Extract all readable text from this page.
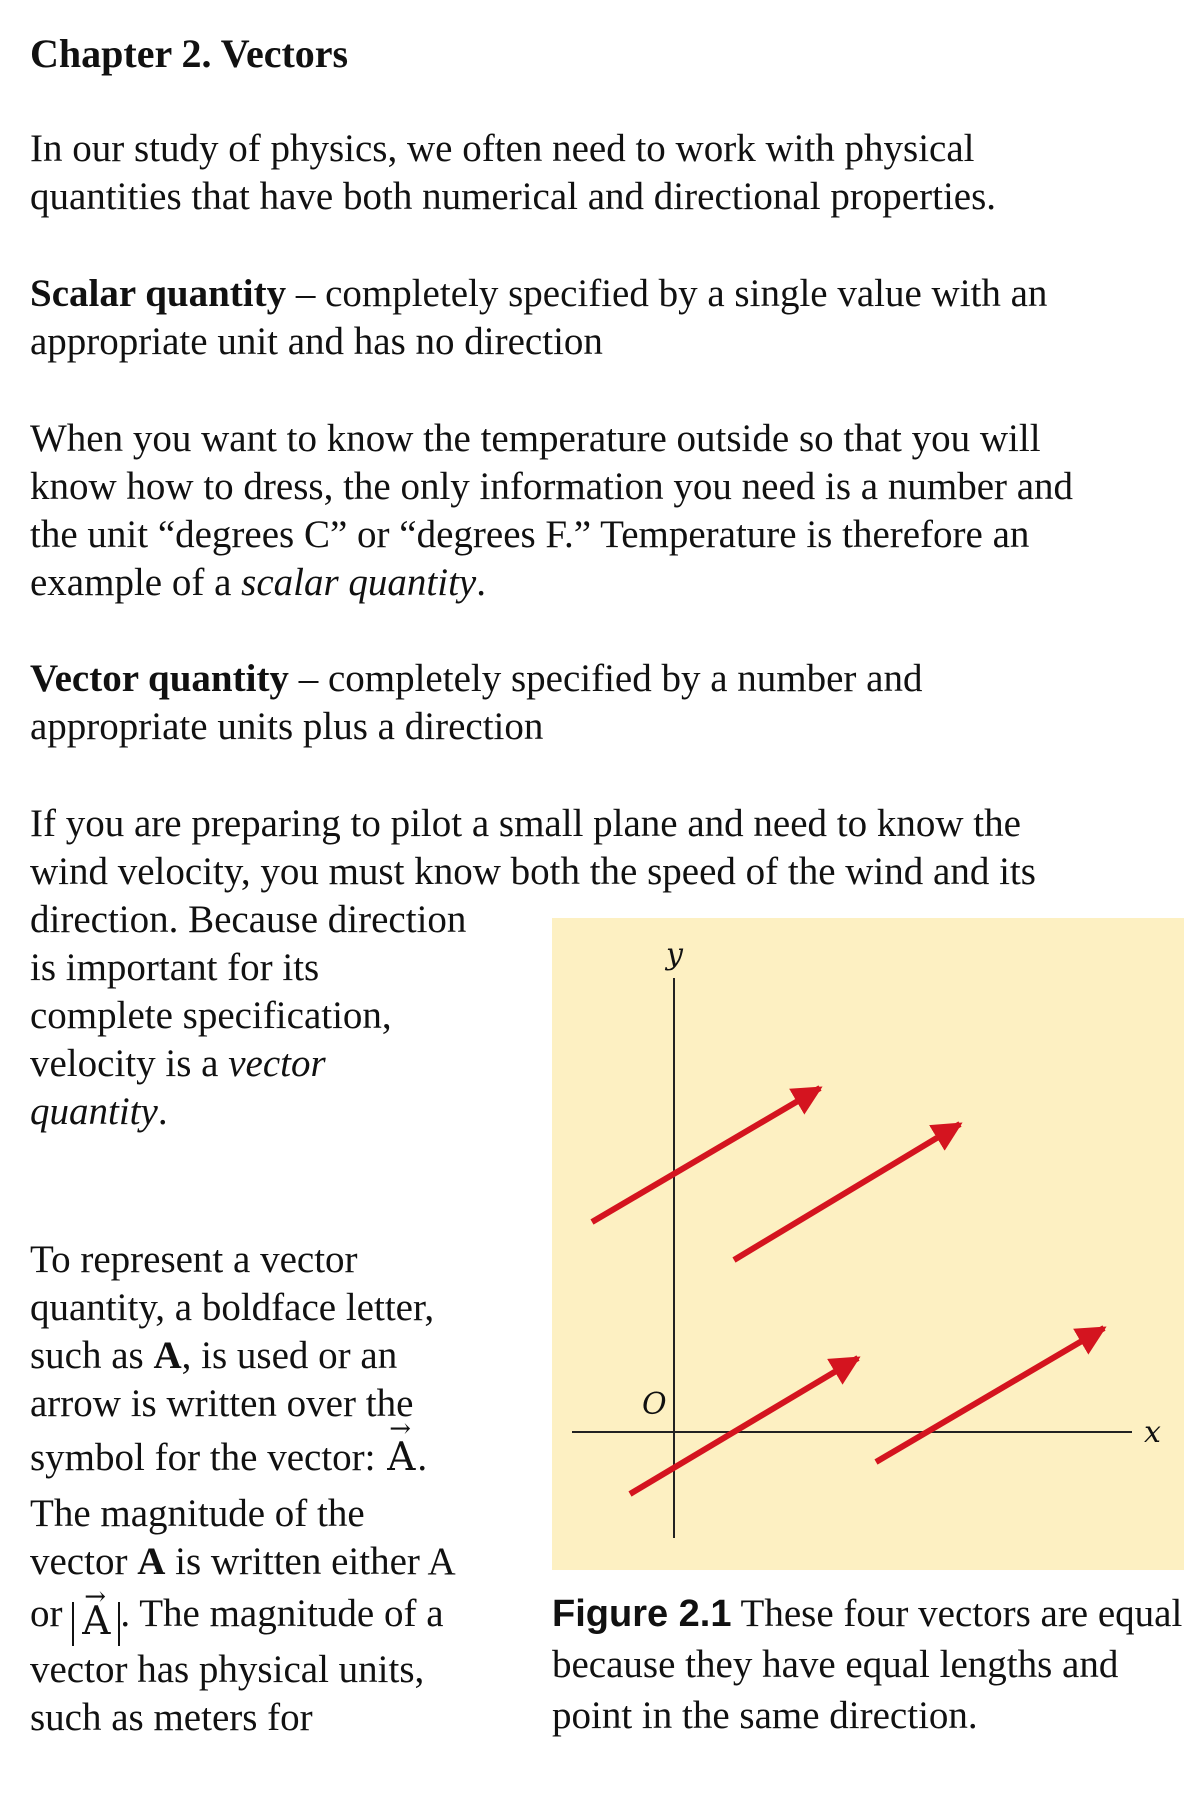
Chapter 2. Vectors
In our study of physics, we often need to work with physical
quantities that have both numerical and directional properties.
Scalar quantity – completely specified by a single value with an
appropriate unit and has no direction
When you want to know the temperature outside so that you will
know how to dress, the only information you need is a number and
the unit “degrees C” or “degrees F.” Temperature is therefore an
example of a scalar quantity.
Vector quantity – completely specified by a number and
appropriate units plus a direction
If you are preparing to pilot a small plane and need to know the
wind velocity, you must know both the speed of the wind and its
direction. Because direction
is important for its
complete specification,
velocity is a vector
quantity.
To represent a vector
quantity, a boldface letter,
such as A, is used or an
arrow is written over the
symbol for the vector: → A.
The magnitude of the
vector A is written either A
or → A . The magnitude of a
vector has physical units,
such as meters for
y
x
O
Figure 2.1 These four vectors are equal because they have equal lengths and point in the same direction.
